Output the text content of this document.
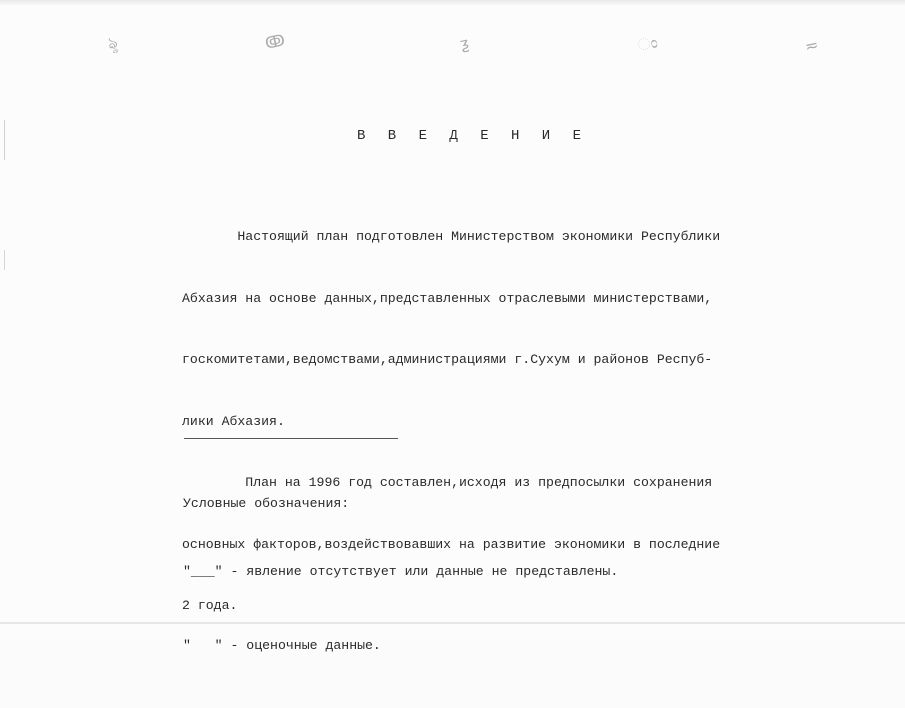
ৡ	ↂ	ƺ	ಂ	≂
В В Е Д Е Н И Е

Настоящий план подготовлен Министерством экономики Республики

Абхазия на основе данных,представленных отраслевыми министерствами,

госкомитетами,ведомствами,администрациями г.Сухум и районов Респуб-

лики Абхазия.

План на 1996 год составлен,исходя из предпосылки сохранения

основных факторов,воздействовавших на развитие экономики в последние

2 года.

Условные обозначения:

"___" - явление отсутствует или данные не представлены.

"   " - оценочные данные.
